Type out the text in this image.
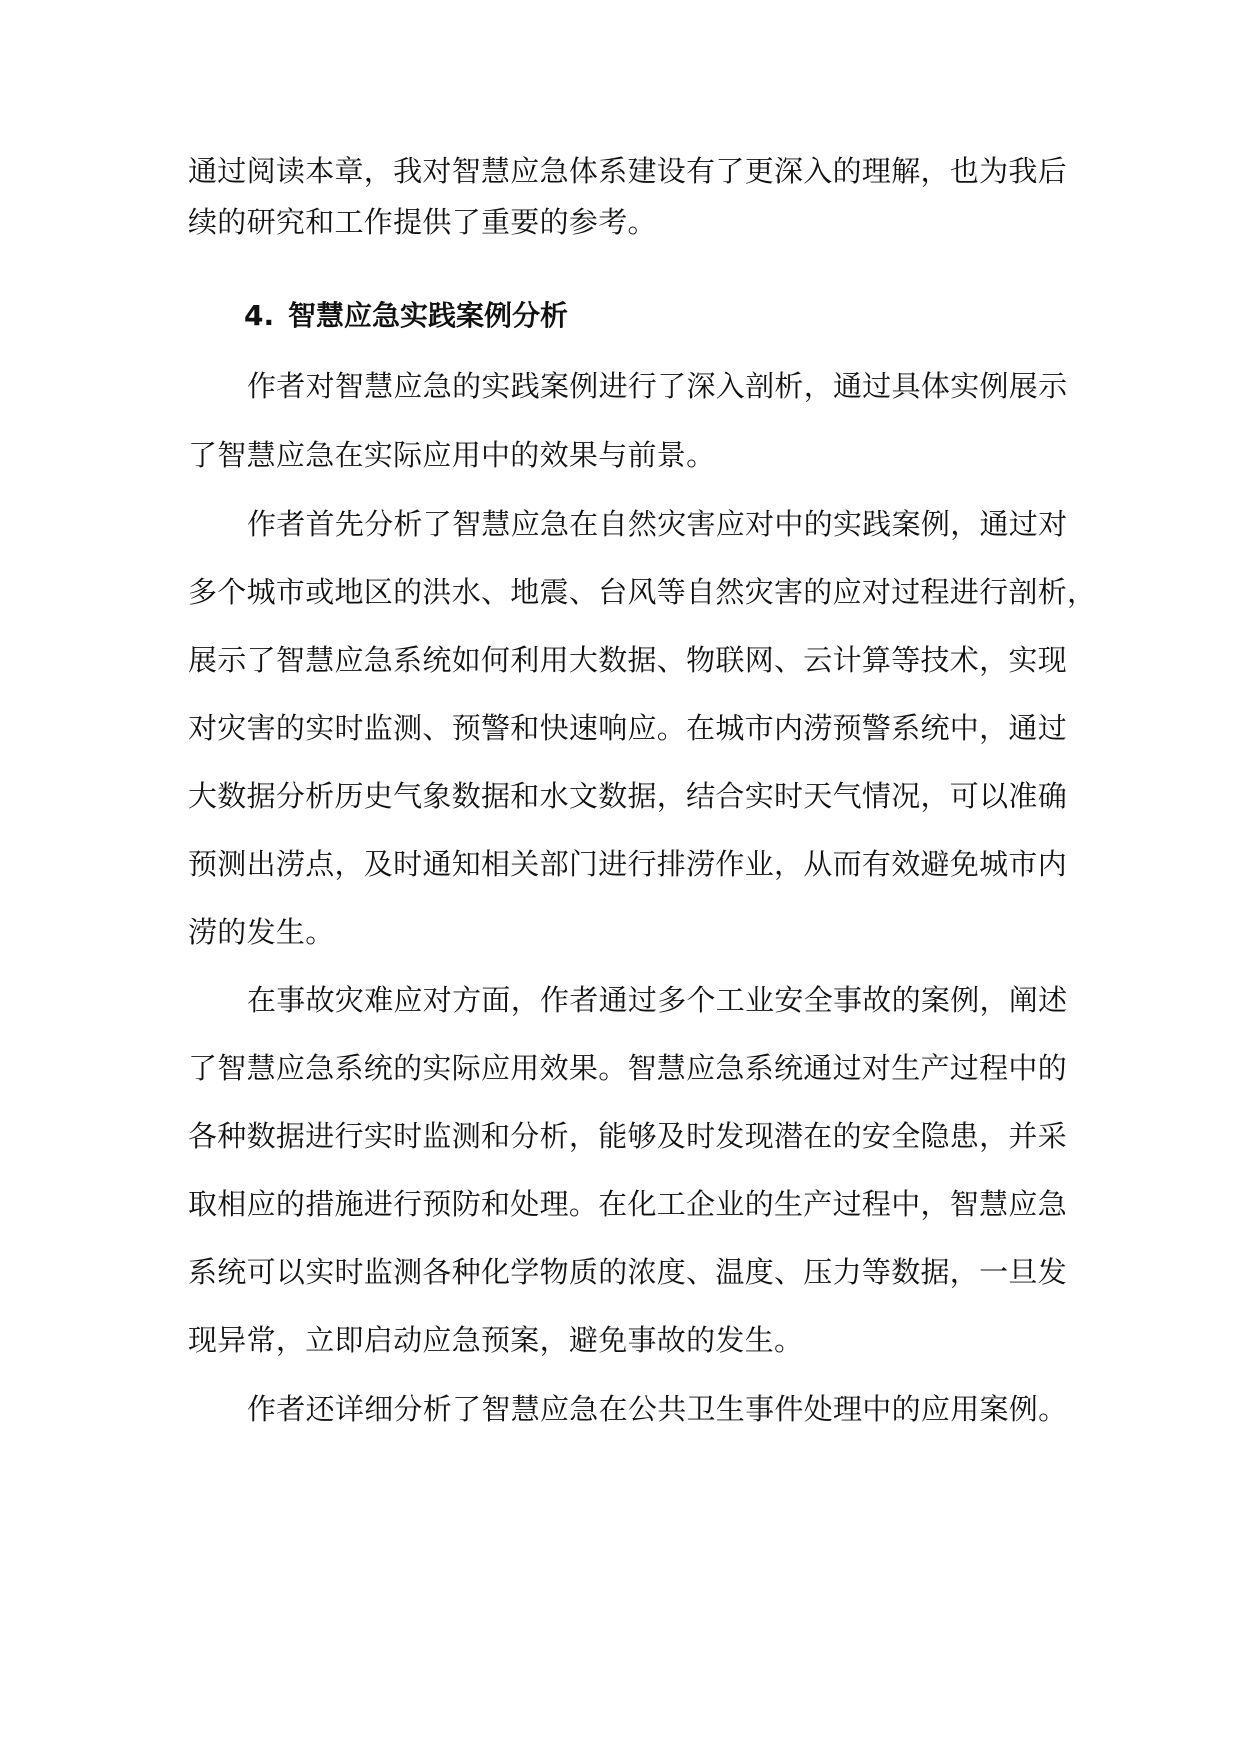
通过阅读本章，我对智慧应急体系建设有了更深入的理解，也为我后
续的研究和工作提供了重要的参考。
4. 智慧应急实践案例分析
作者对智慧应急的实践案例进行了深入剖析，通过具体实例展示
了智慧应急在实际应用中的效果与前景。
作者首先分析了智慧应急在自然灾害应对中的实践案例，通过对
多个城市或地区的洪水、地震、台风等自然灾害的应对过程进行剖析，
展示了智慧应急系统如何利用大数据、物联网、云计算等技术，实现
对灾害的实时监测、预警和快速响应。在城市内涝预警系统中，通过
大数据分析历史气象数据和水文数据，结合实时天气情况，可以准确
预测出涝点，及时通知相关部门进行排涝作业，从而有效避免城市内
涝的发生。
在事故灾难应对方面，作者通过多个工业安全事故的案例，阐述
了智慧应急系统的实际应用效果。智慧应急系统通过对生产过程中的
各种数据进行实时监测和分析，能够及时发现潜在的安全隐患，并采
取相应的措施进行预防和处理。在化工企业的生产过程中，智慧应急
系统可以实时监测各种化学物质的浓度、温度、压力等数据，一旦发
现异常，立即启动应急预案，避免事故的发生。
作者还详细分析了智慧应急在公共卫生事件处理中的应用案例。
